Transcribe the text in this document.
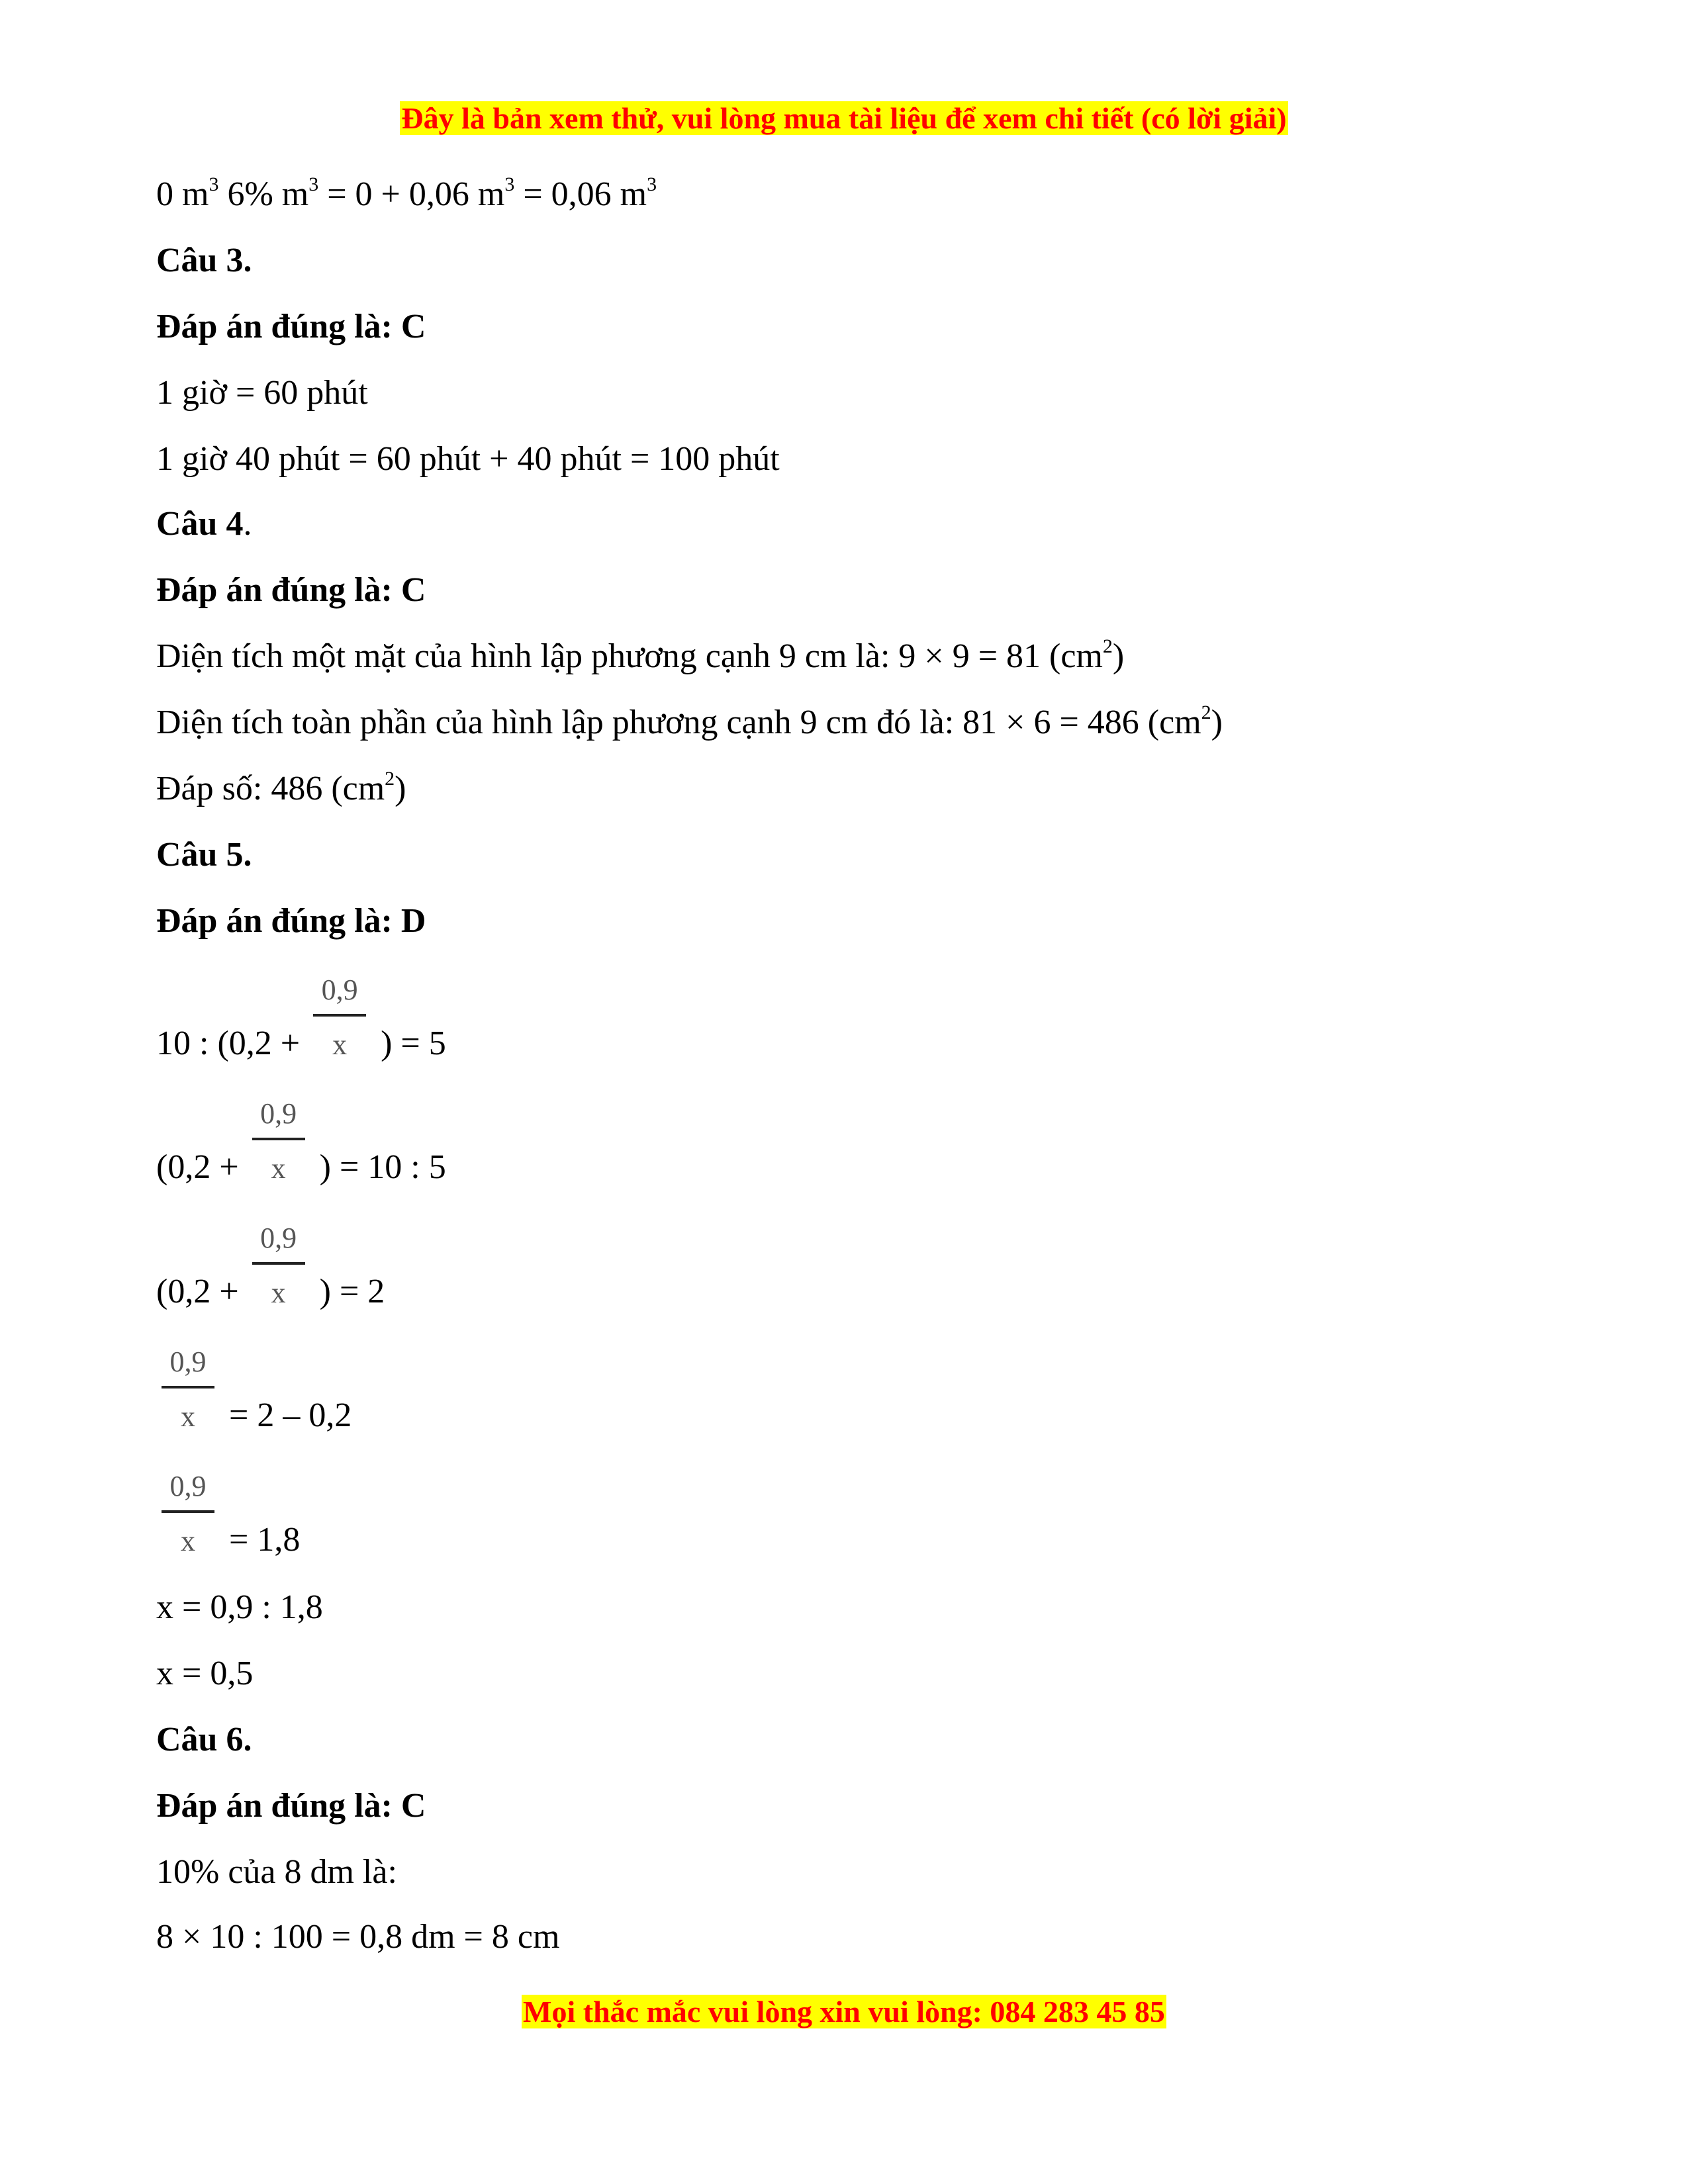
Đây là bản xem thử, vui lòng mua tài liệu để xem chi tiết (có lời giải)
0 $m^3$ 6% $m^3 = 0 + 0,06$ $m^3 = 0,06$ $m^3$
Câu 3.
Đáp án đúng là: C
1 giờ = 60 phút
1 giờ 40 phút = 60 phút + 40 phút = 100 phút
Câu 4.
Đáp án đúng là: C
Diện tích một mặt của hình lập phương cạnh 9 cm là: 9 × 9 = 81 $(cm^2)$
Diện tích toàn phần của hình lập phương cạnh 9 cm đó là: 81 × 6 = 486 $(cm^2)$
Đáp số: 486 $(cm^2)$
Câu 5.
Đáp án đúng là: D
10 : ($0,2 + \frac{0,9}{x}$ ) = 5
($0,2 + \frac{0,9}{x}$ ) = 10 : 5
($0,2 + \frac{0,9}{x}$ ) = 2
$\frac{0,9}{x} = 2 - 0,2$
$\frac{0,9}{x} = 1,8$
x = 0,9 : 1,8
x = 0,5
Câu 6.
Đáp án đúng là: C
10% của 8 dm là:
8 × 10 : 100 = 0,8 dm = 8 cm
Mọi thắc mắc vui lòng xin vui lòng: 084 283 45 85
